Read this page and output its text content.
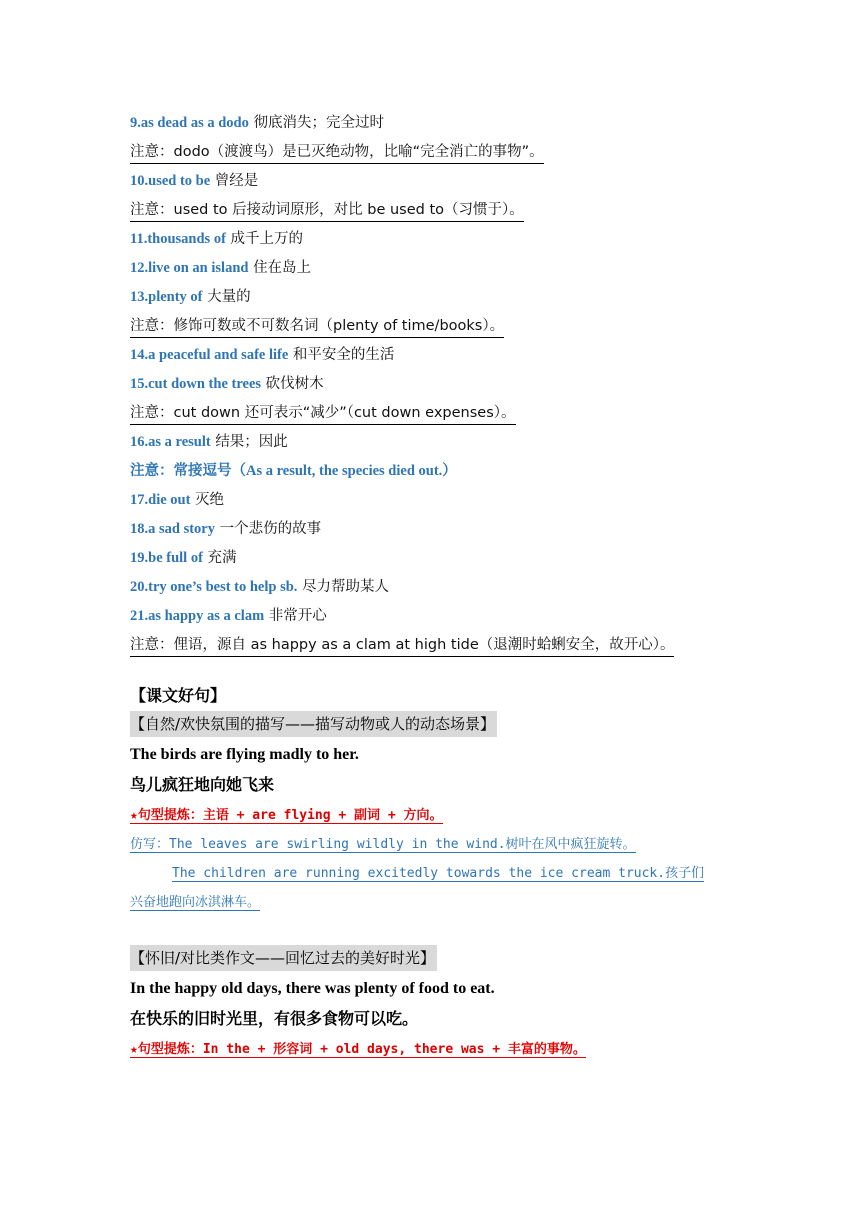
9.as dead as a dodo 彻底消失；完全过时
注意：dodo（渡渡鸟）是已灭绝动物，比喻“完全消亡的事物”。
10.used to be 曾经是
注意：used to 后接动词原形，对比 be used to（习惯于）。
11.thousands of 成千上万的
12.live on an island 住在岛上
13.plenty of 大量的
注意：修饰可数或不可数名词（plenty of time/books）。
14.a peaceful and safe life 和平安全的生活
15.cut down the trees 砍伐树木
注意：cut down 还可表示“减少”（cut down expenses）。
16.as a result 结果；因此
注意：常接逗号（As a result, the species died out.）
17.die out 灭绝
18.a sad story 一个悲伤的故事
19.be full of 充满
20.try one’s best to help sb. 尽力帮助某人
21.as happy as a clam 非常开心
注意：俚语，源自 as happy as a clam at high tide（退潮时蛤蜊安全，故开心）。
【课文好句】
【自然/欢快氛围的描写——描写动物或人的动态场景】
The birds are flying madly to her.
鸟儿疯狂地向她飞来
★句型提炼：主语 + are flying + 副词 + 方向。
仿写：The leaves are swirling wildly in the wind.树叶在风中疯狂旋转。
The children are running excitedly towards the ice cream truck.孩子们
兴奋地跑向冰淇淋车。
【怀旧/对比类作文——回忆过去的美好时光】
In the happy old days, there was plenty of food to eat.
在快乐的旧时光里，有很多食物可以吃。
★句型提炼：In the + 形容词 + old days, there was + 丰富的事物。
